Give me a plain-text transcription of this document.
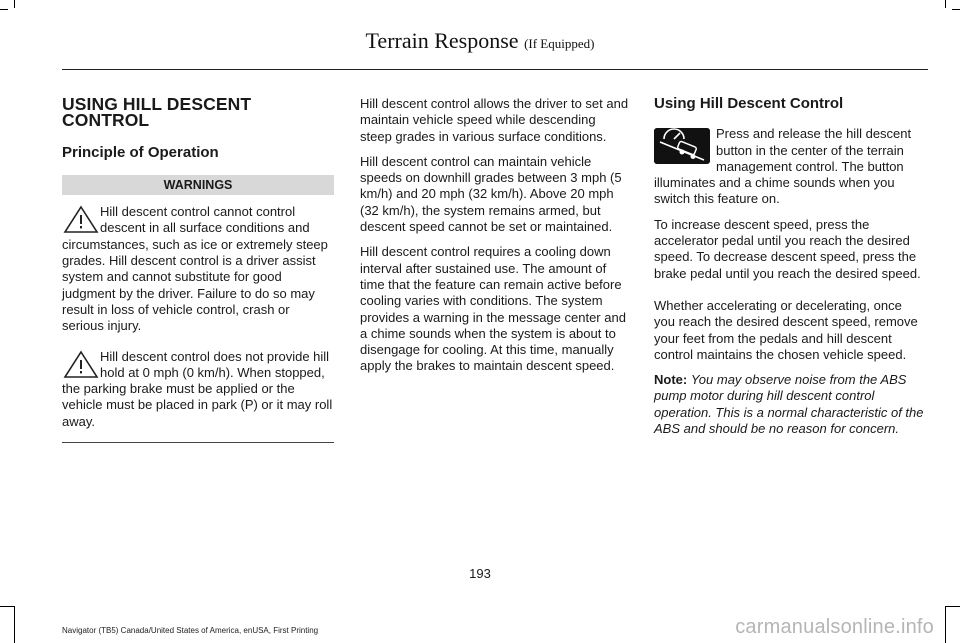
Terrain Response (If Equipped)
USING HILL DESCENT CONTROL
Principle of Operation
WARNINGS
Hill descent control cannot control descent in all surface conditions and circumstances, such as ice or extremely steep grades. Hill descent control is a driver assist system and cannot substitute for good judgment by the driver. Failure to do so may result in loss of vehicle control, crash or serious injury.
Hill descent control does not provide hill hold at 0 mph (0 km/h). When stopped, the parking brake must be applied or the vehicle must be placed in park (P) or it may roll away.

Hill descent control allows the driver to set and maintain vehicle speed while descending steep grades in various surface conditions.

Hill descent control can maintain vehicle speeds on downhill grades between 3 mph (5 km/h) and 20 mph (32 km/h). Above 20 mph (32 km/h), the system remains armed, but descent speed cannot be set or maintained.

Hill descent control requires a cooling down interval after sustained use. The amount of time that the feature can remain active before cooling varies with conditions. The system provides a warning in the message center and a chime sounds when the system is about to disengage for cooling. At this time, manually apply the brakes to maintain descent speed.

Using Hill Descent Control

Press and release the hill descent button in the center of the terrain management control. The button illuminates and a chime sounds when you switch this feature on.

To increase descent speed, press the accelerator pedal until you reach the desired speed. To decrease descent speed, press the brake pedal until you reach the desired speed.

Whether accelerating or decelerating, once you reach the desired descent speed, remove your feet from the pedals and hill descent control maintains the chosen vehicle speed.

Note: You may observe noise from the ABS pump motor during hill descent control operation. This is a normal characteristic of the ABS and should be no reason for concern.

193
Navigator (TB5) Canada/United States of America, enUSA, First Printing	carmanualsonline.info
